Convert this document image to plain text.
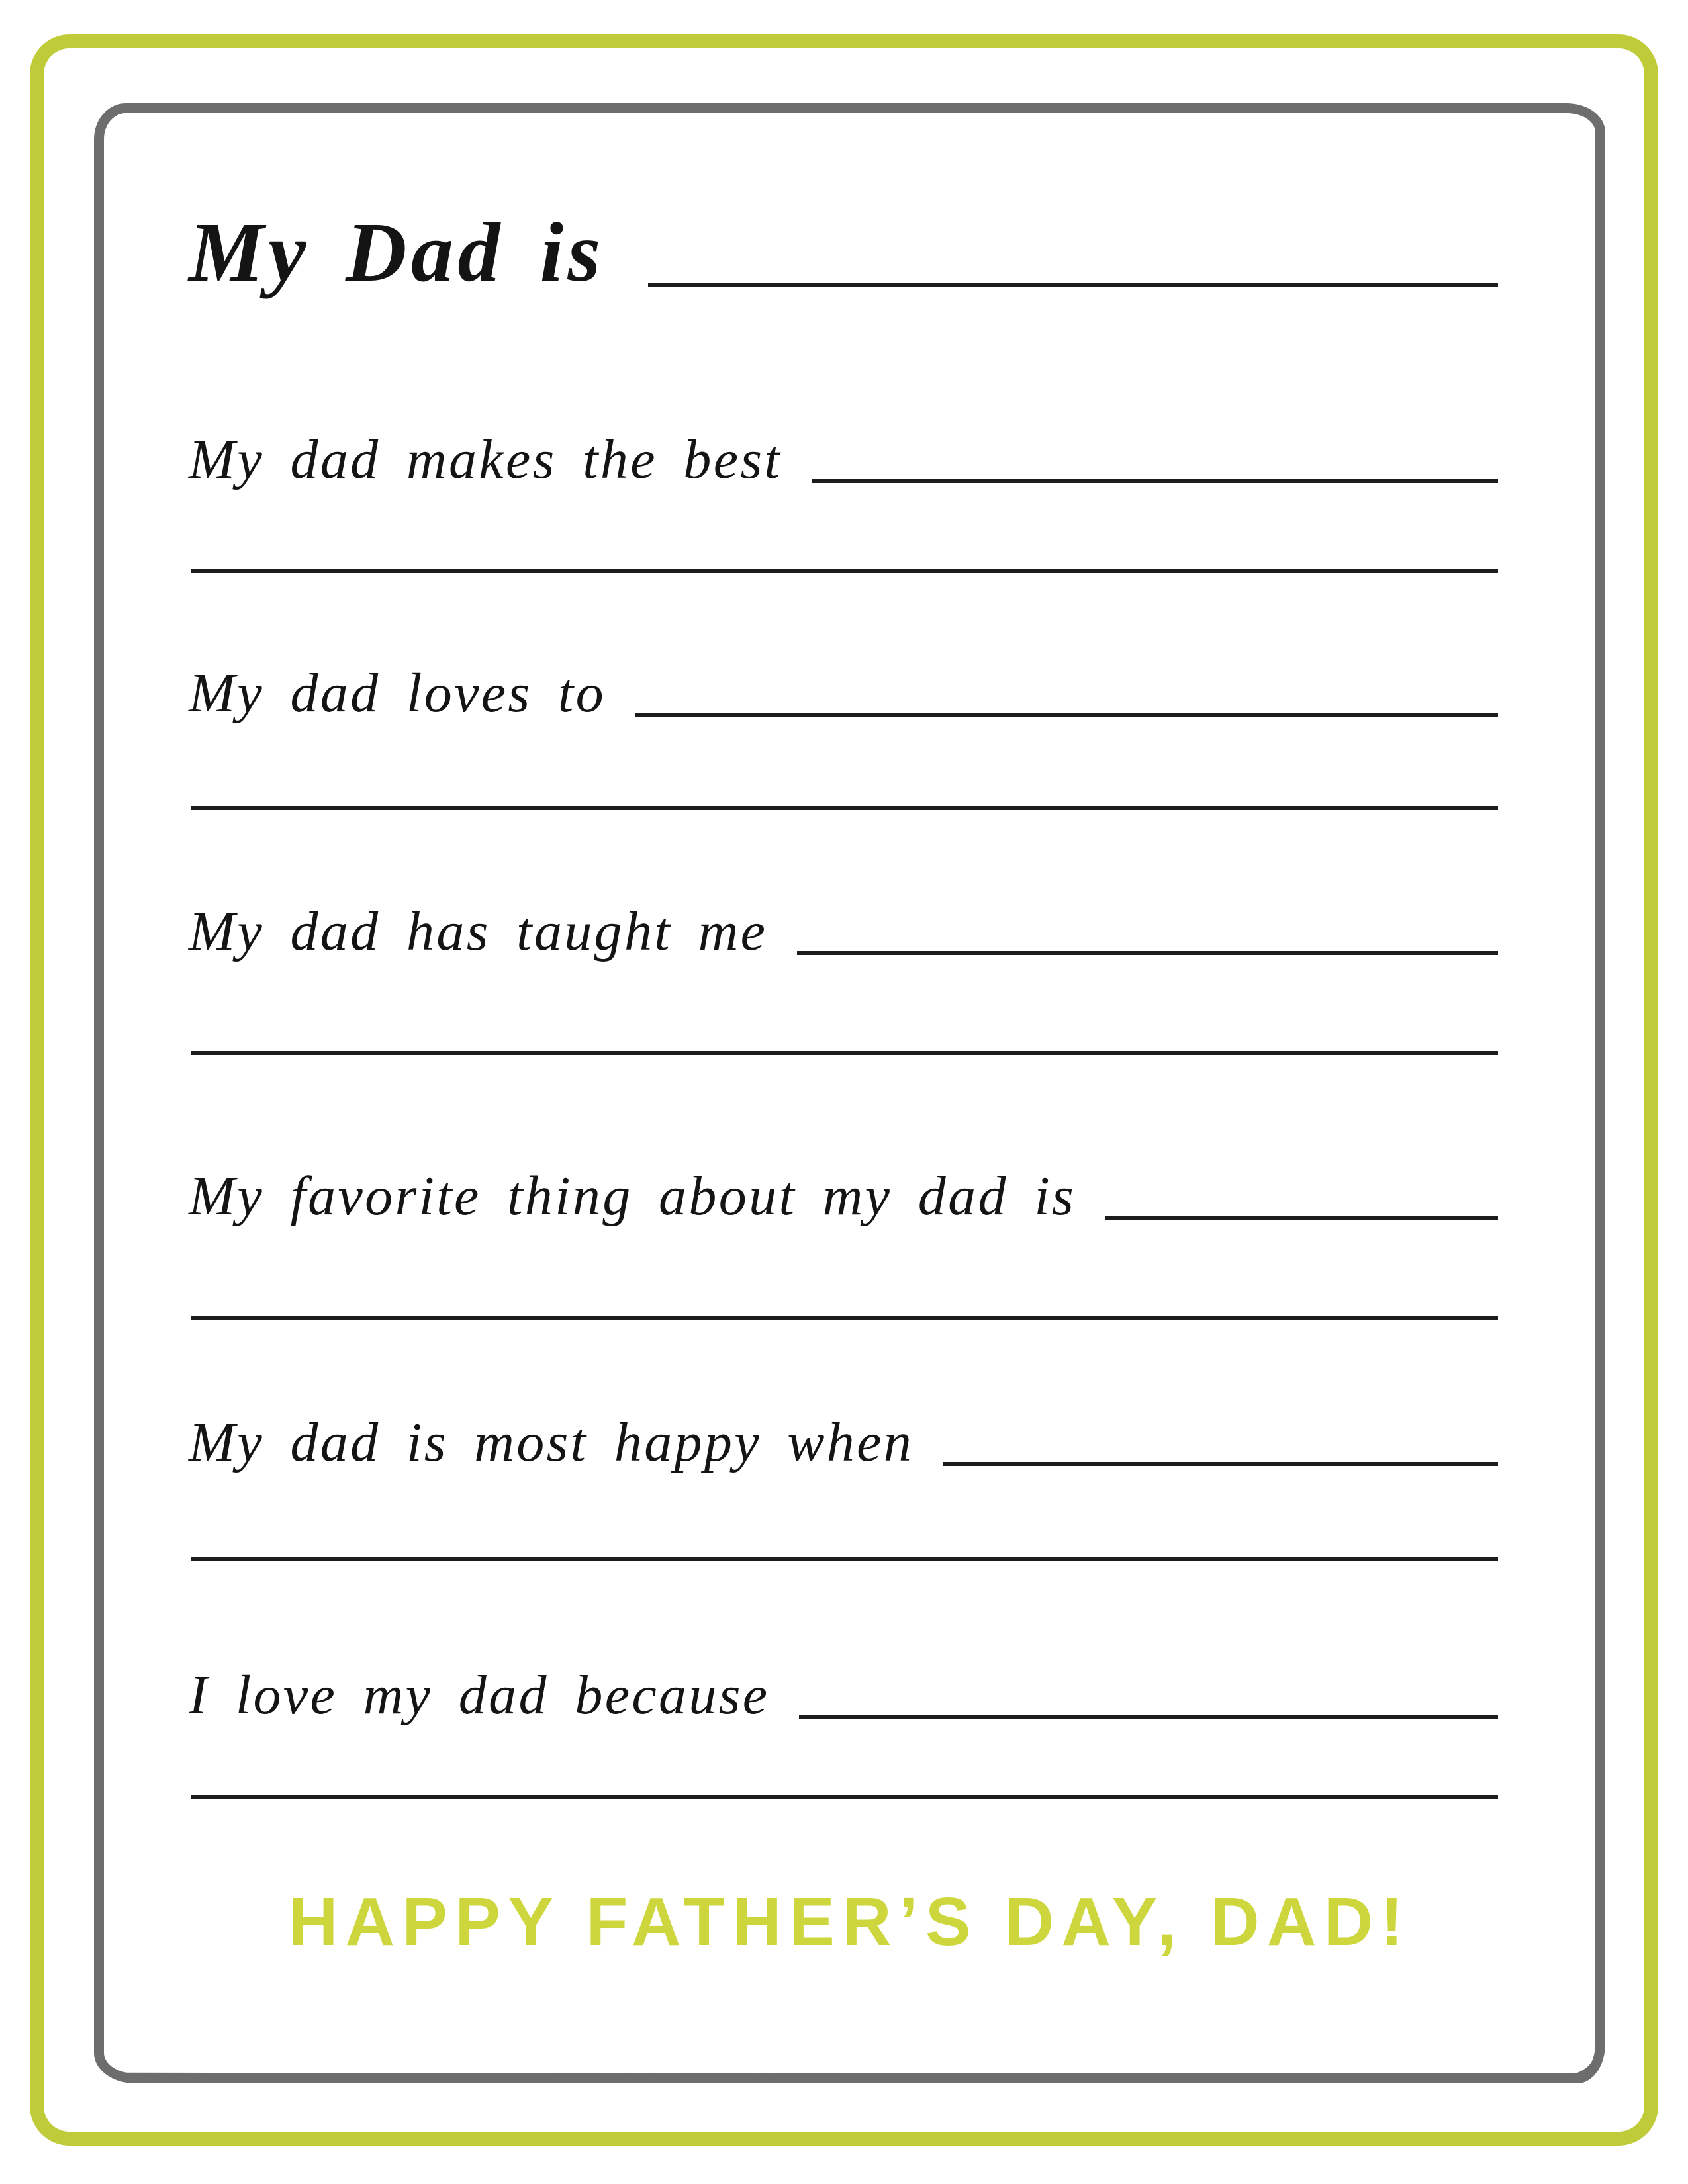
My Dad is
My dad makes the best
My dad loves to
My dad has taught me
My favorite thing about my dad is
My dad is most happy when
I love my dad because
HAPPY FATHER’S DAY, DAD!
